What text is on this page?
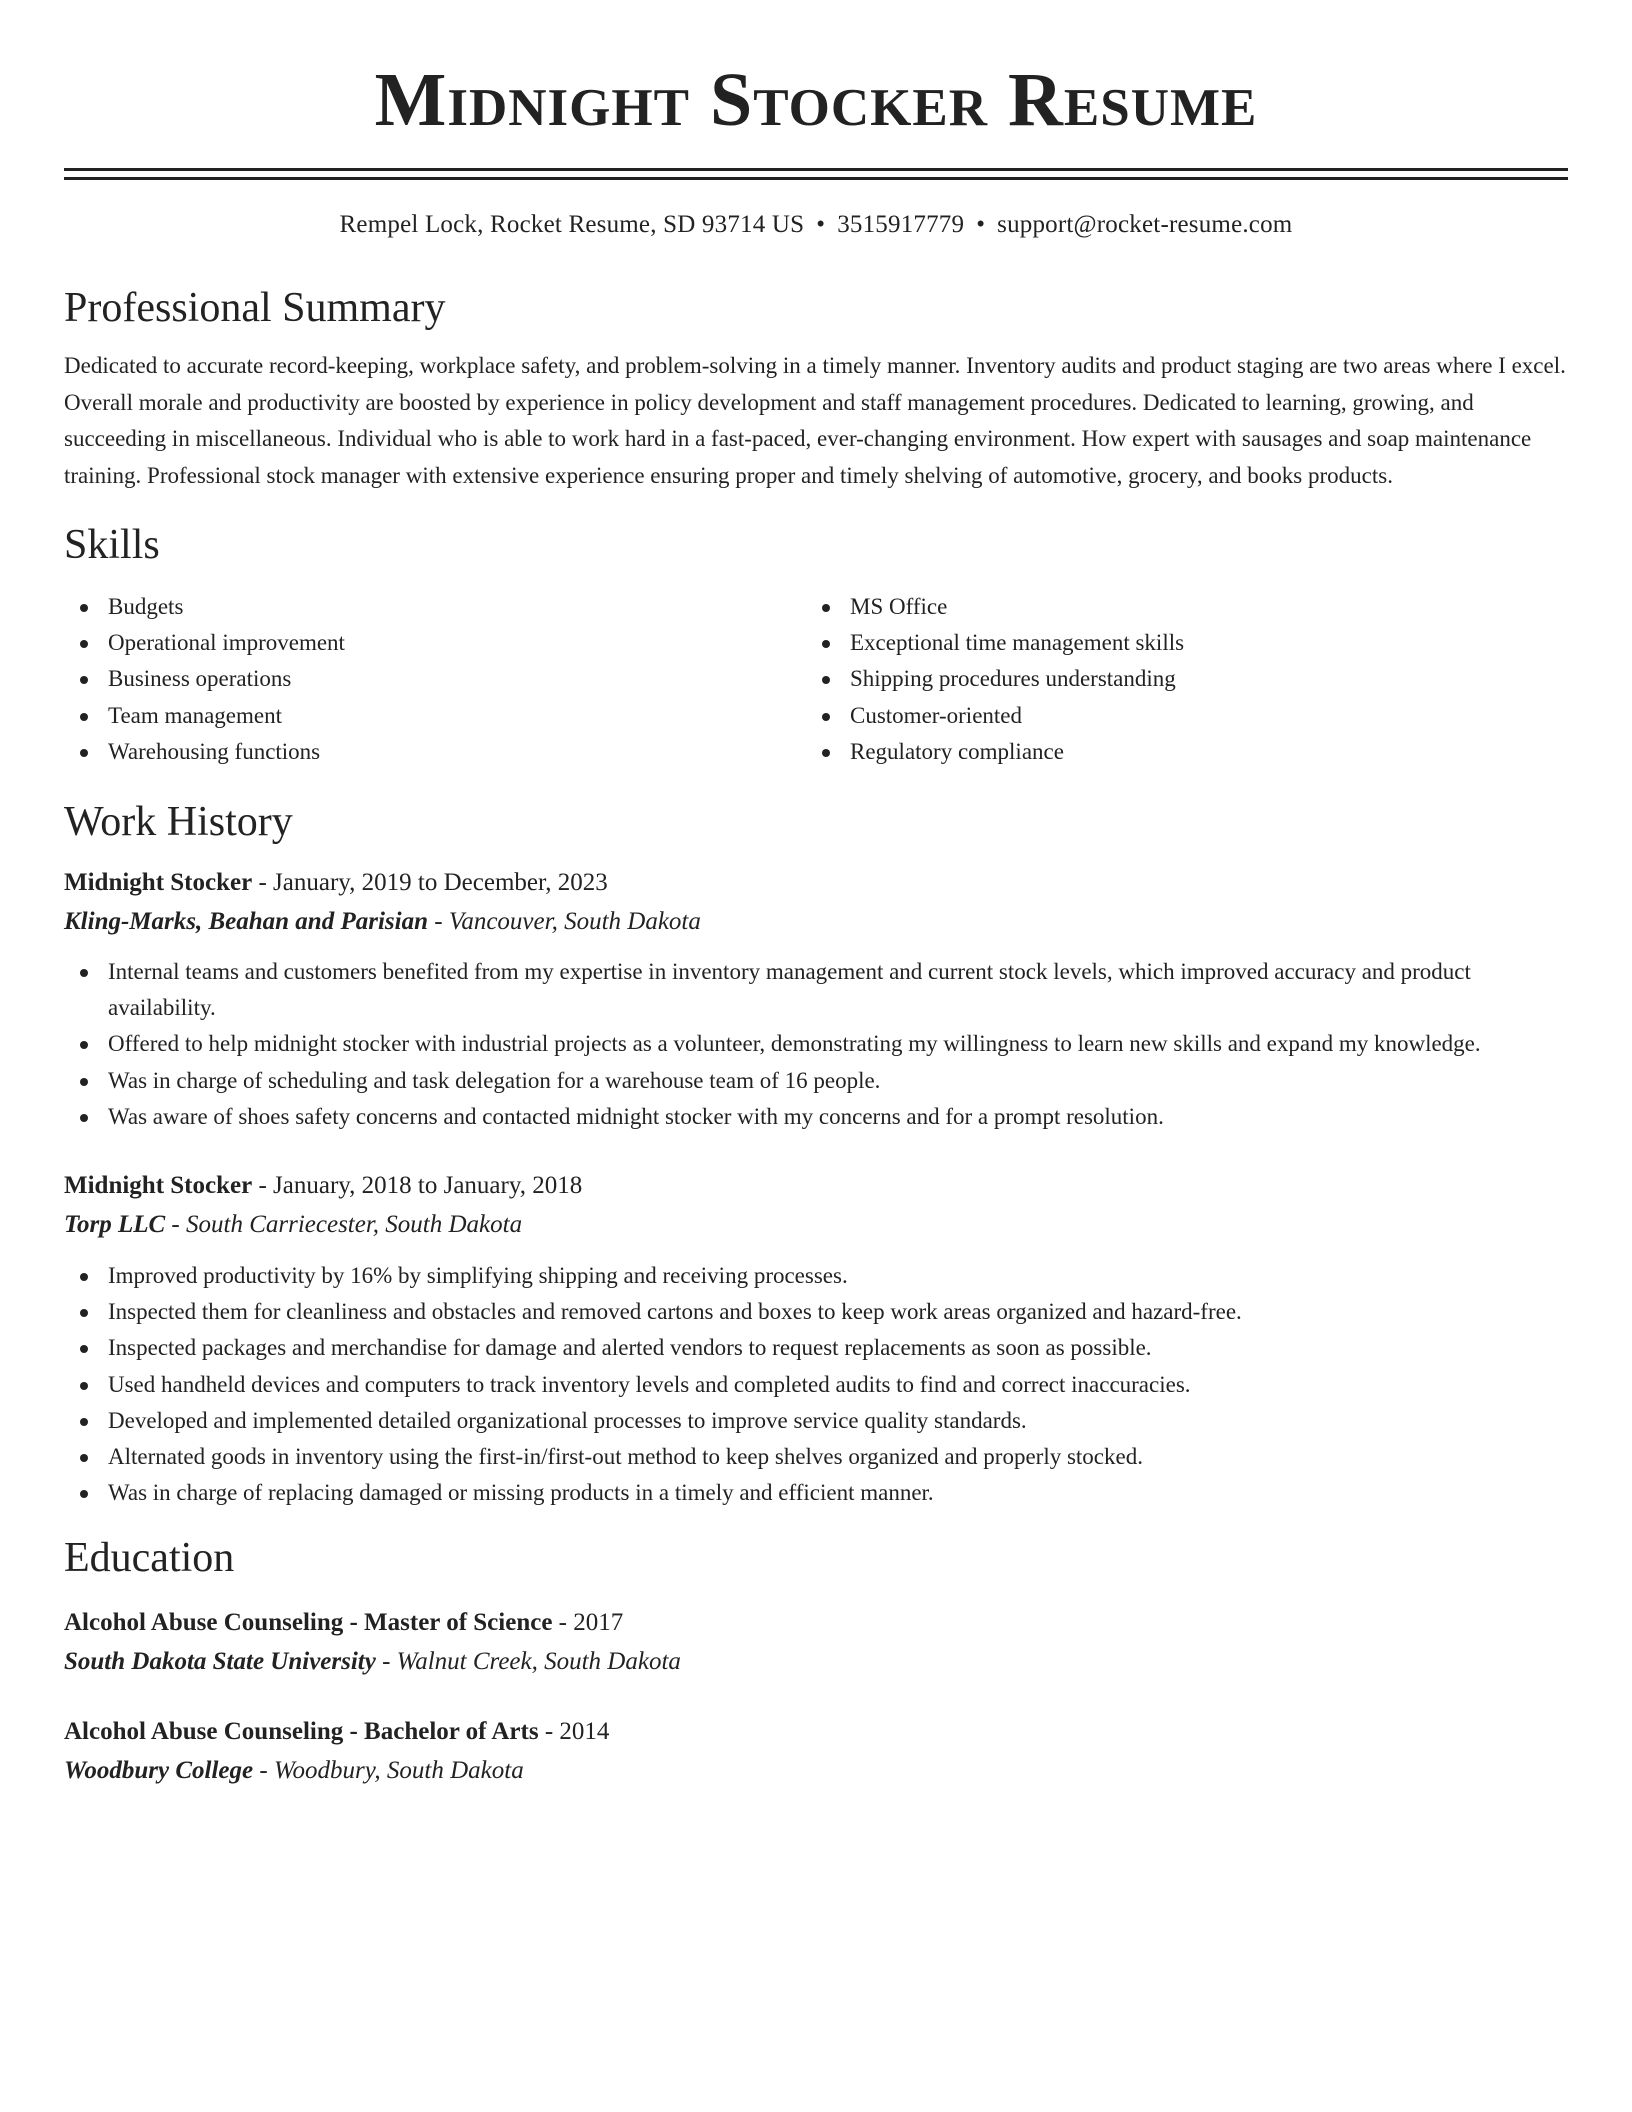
Midnight Stocker Resume
Rempel Lock, Rocket Resume, SD 93714 US • 3515917779 • support@rocket-resume.com
Professional Summary

Dedicated to accurate record-keeping, workplace safety, and problem-solving in a timely manner. Inventory audits and product staging are two areas where I excel. Overall morale and productivity are boosted by experience in policy development and staff management procedures. Dedicated to learning, growing, and succeeding in miscellaneous. Individual who is able to work hard in a fast-paced, ever-changing environment. How expert with sausages and soap maintenance training. Professional stock manager with extensive experience ensuring proper and timely shelving of automotive, grocery, and books products.

Skills
Budgets
Operational improvement
Business operations
Team management
Warehousing functions
MS Office
Exceptional time management skills
Shipping procedures understanding
Customer-oriented
Regulatory compliance
Work History
Midnight Stocker - January, 2019 to December, 2023
Kling-Marks, Beahan and Parisian - Vancouver, South Dakota
Internal teams and customers benefited from my expertise in inventory management and current stock levels, which improved accuracy and product availability.
Offered to help midnight stocker with industrial projects as a volunteer, demonstrating my willingness to learn new skills and expand my knowledge.
Was in charge of scheduling and task delegation for a warehouse team of 16 people.
Was aware of shoes safety concerns and contacted midnight stocker with my concerns and for a prompt resolution.
Midnight Stocker - January, 2018 to January, 2018
Torp LLC - South Carriecester, South Dakota
Improved productivity by 16% by simplifying shipping and receiving processes.
Inspected them for cleanliness and obstacles and removed cartons and boxes to keep work areas organized and hazard-free.
Inspected packages and merchandise for damage and alerted vendors to request replacements as soon as possible.
Used handheld devices and computers to track inventory levels and completed audits to find and correct inaccuracies.
Developed and implemented detailed organizational processes to improve service quality standards.
Alternated goods in inventory using the first-in/first-out method to keep shelves organized and properly stocked.
Was in charge of replacing damaged or missing products in a timely and efficient manner.
Education
Alcohol Abuse Counseling - Master of Science - 2017
South Dakota State University - Walnut Creek, South Dakota
Alcohol Abuse Counseling - Bachelor of Arts - 2014
Woodbury College - Woodbury, South Dakota
